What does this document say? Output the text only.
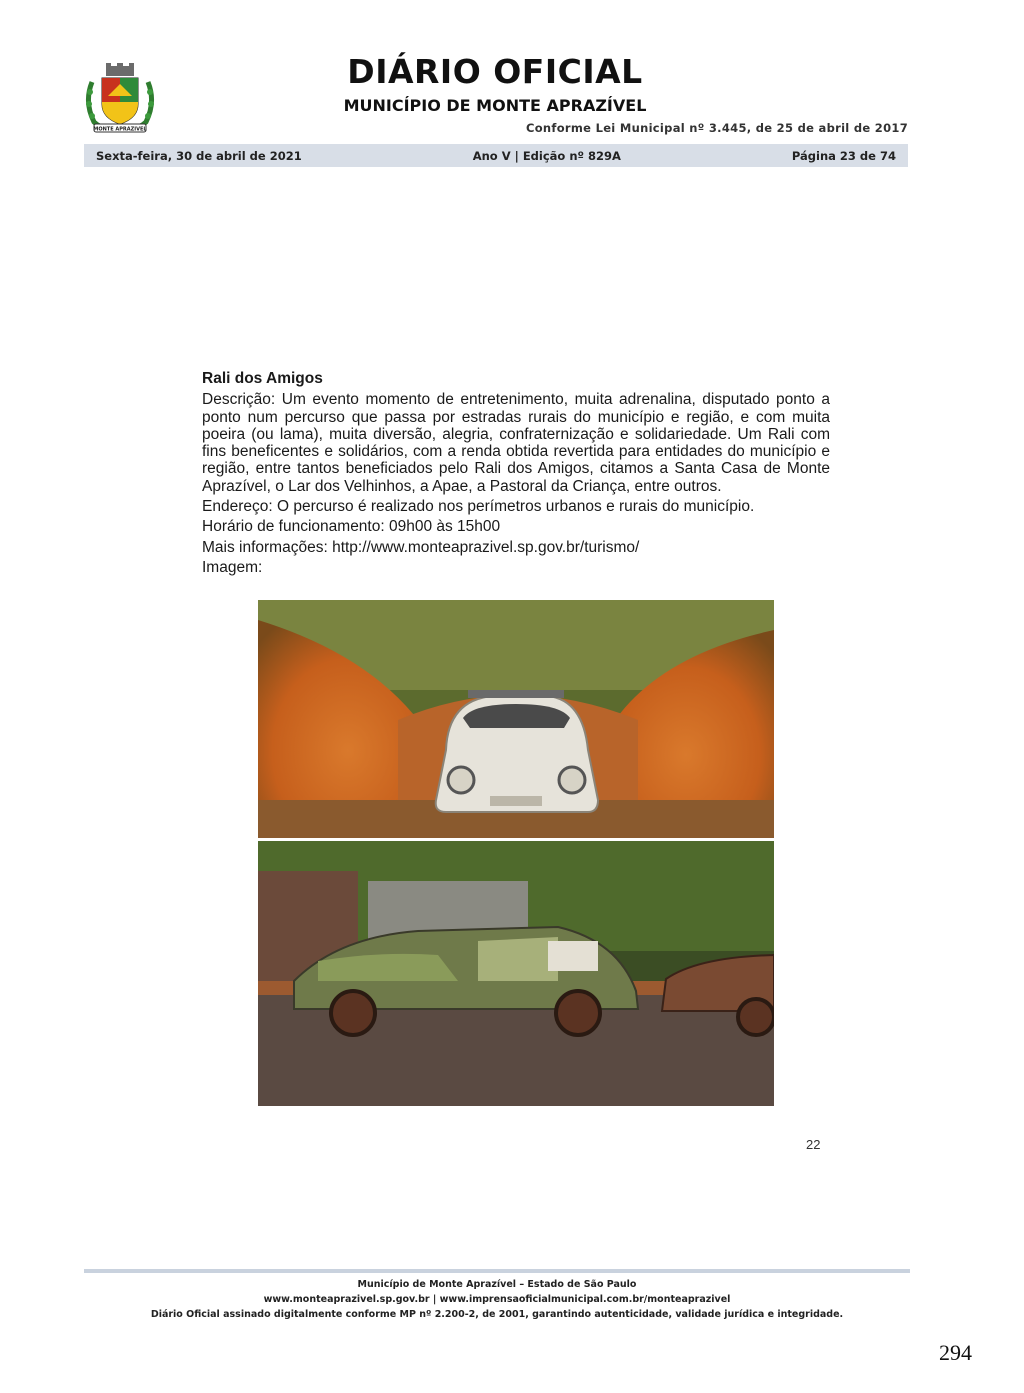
MONTE APRAZIVEL
DIÁRIO OFICIAL
MUNICÍPIO DE MONTE APRAZÍVEL
Conforme Lei Municipal nº 3.445, de 25 de abril de 2017
Sexta-feira, 30 de abril de 2021	Ano V | Edição nº 829A	Página 23 de 74
Rali dos Amigos

Descrição: Um evento momento de entretenimento, muita adrenalina, disputado ponto a ponto num percurso que passa por estradas rurais do município e região, e com muita poeira (ou lama), muita diversão, alegria, confraternização e solidariedade. Um Rali com fins beneficentes e solidários, com a renda obtida revertida para entidades do município e região, entre tantos beneficiados pelo Rali dos Amigos, citamos a Santa Casa de Monte Aprazível, o Lar dos Velhinhos, a Apae, a Pastoral da Criança, entre outros.

Endereço: O percurso é realizado nos perímetros urbanos e rurais do município.

Horário de funcionamento: 09h00 às 15h00

Mais informações: http://www.monteaprazivel.sp.gov.br/turismo/

Imagem:

22
Município de Monte Aprazível – Estado de São Paulo
www.monteaprazivel.sp.gov.br | www.imprensaoficialmunicipal.com.br/monteaprazivel
Diário Oficial assinado digitalmente conforme MP nº 2.200-2, de 2001, garantindo autenticidade, validade jurídica e integridade.
294
